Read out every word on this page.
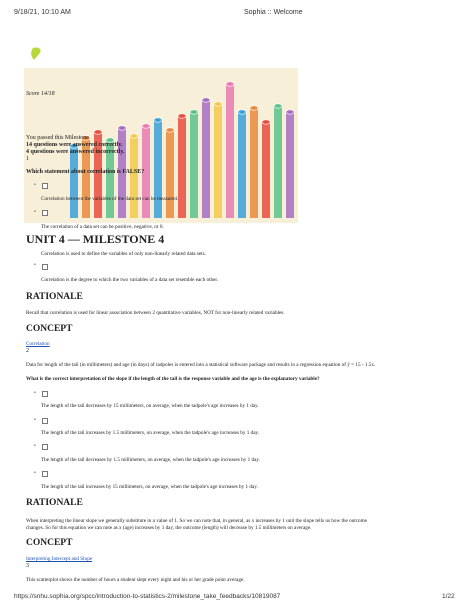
9/18/21, 10:10 AM	Sophia :: Welcome
https://snhu.sophia.org/spcc/introduction-to-statistics-2/milestone_take_feedbacks/10819087	1/22
Score 14/18
You passed this Milestone
14 questions were answered correctly.
4 questions were answered incorrectly.
1
Which statement about correlation is FALSE?
•
Correlation between the variables of the data set can be measured.
•
The correlation of a data set can be positive, negative, or 0.
UNIT 4 — MILESTONE 4
•
Correlation is used to define the variables of only non-linearly related data sets.
Correlation is the degree to which the two variables of a data set resemble each other.
RATIONALE
Recall that correlation is used for linear association between 2 quantitative variables, NOT for non-linearly related variables.
CONCEPT
Correlation
2
Data for length of the tail (in millimeters) and age (in days) of tadpoles is entered into a statistical software package and results in a regression equation of ŷ = 15 - 1.5x.
What is the correct interpretation of the slope if the length of the tail is the response variable and the age is the explanatory variable?
•
The length of the tail decreases by 15 millimeters, on average, when the tadpole's age increases by 1 day.
•
The length of the tail increases by 1.5 millimeters, on average, when the tadpole's age increases by 1 day.
•
The length of the tail decreases by 1.5 millimeters, on average, when the tadpole's age increases by 1 day.
•
The length of the tail increases by 15 millimeters, on average, when the tadpole's age increases by 1 day.
RATIONALE
When interpreting the linear slope we generally substitute in a value of 1. So we can note that, in general, as x increases by 1 unit the slope tells us how the outcome
changes. So for this equation we can note as x (age) increases by 1 day, the outcome (length) will decrease by 1.5 millimeters on average.
CONCEPT
Interpreting Intercept and Slope
3
This scatterplot shows the number of hours a student slept every night and his or her grade point average.
